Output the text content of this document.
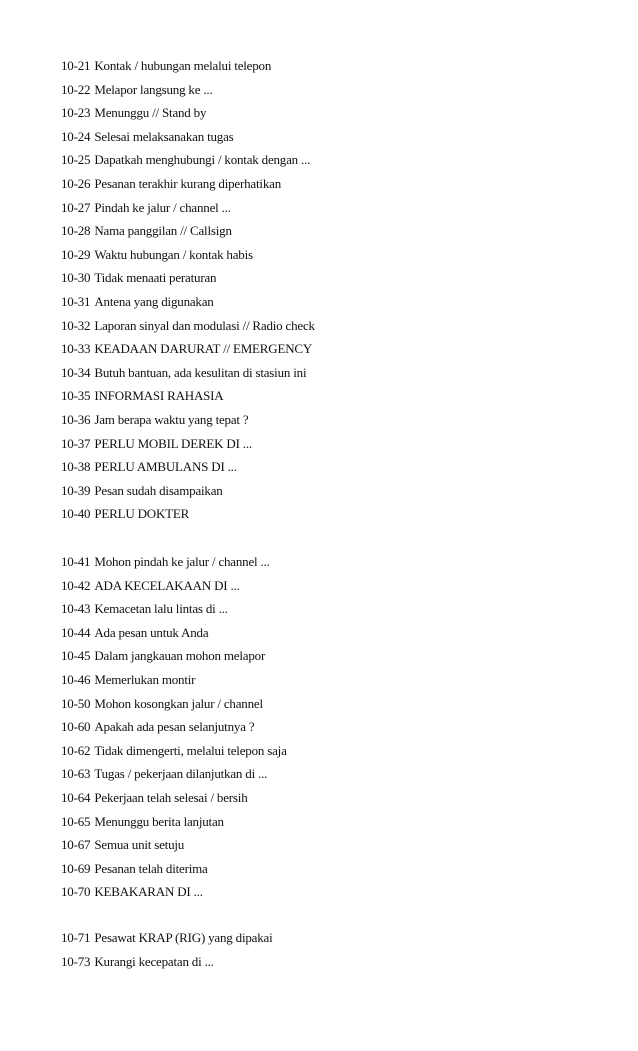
10-21 Kontak / hubungan melalui telepon
10-22 Melapor langsung ke ...
10-23 Menunggu // Stand by
10-24 Selesai melaksanakan tugas
10-25 Dapatkah menghubungi / kontak dengan ...
10-26 Pesanan terakhir kurang diperhatikan
10-27 Pindah ke jalur / channel ...
10-28 Nama panggilan // Callsign
10-29 Waktu hubungan / kontak habis
10-30 Tidak menaati peraturan
10-31 Antena yang digunakan
10-32 Laporan sinyal dan modulasi // Radio check
10-33 KEADAAN DARURAT // EMERGENCY
10-34 Butuh bantuan, ada kesulitan di stasiun ini
10-35 INFORMASI RAHASIA
10-36 Jam berapa waktu yang tepat ?
10-37 PERLU MOBIL DEREK DI ...
10-38 PERLU AMBULANS DI ...
10-39 Pesan sudah disampaikan
10-40 PERLU DOKTER
10-41 Mohon pindah ke jalur / channel ...
10-42 ADA KECELAKAAN DI ...
10-43 Kemacetan lalu lintas di ...
10-44 Ada pesan untuk Anda
10-45 Dalam jangkauan mohon melapor
10-46 Memerlukan montir
10-50 Mohon kosongkan jalur / channel
10-60 Apakah ada pesan selanjutnya ?
10-62 Tidak dimengerti, melalui telepon saja
10-63 Tugas / pekerjaan dilanjutkan di ...
10-64 Pekerjaan telah selesai / bersih
10-65 Menunggu berita lanjutan
10-67 Semua unit setuju
10-69 Pesanan telah diterima
10-70 KEBAKARAN DI ...
10-71 Pesawat KRAP (RIG) yang dipakai
10-73 Kurangi kecepatan di ...
